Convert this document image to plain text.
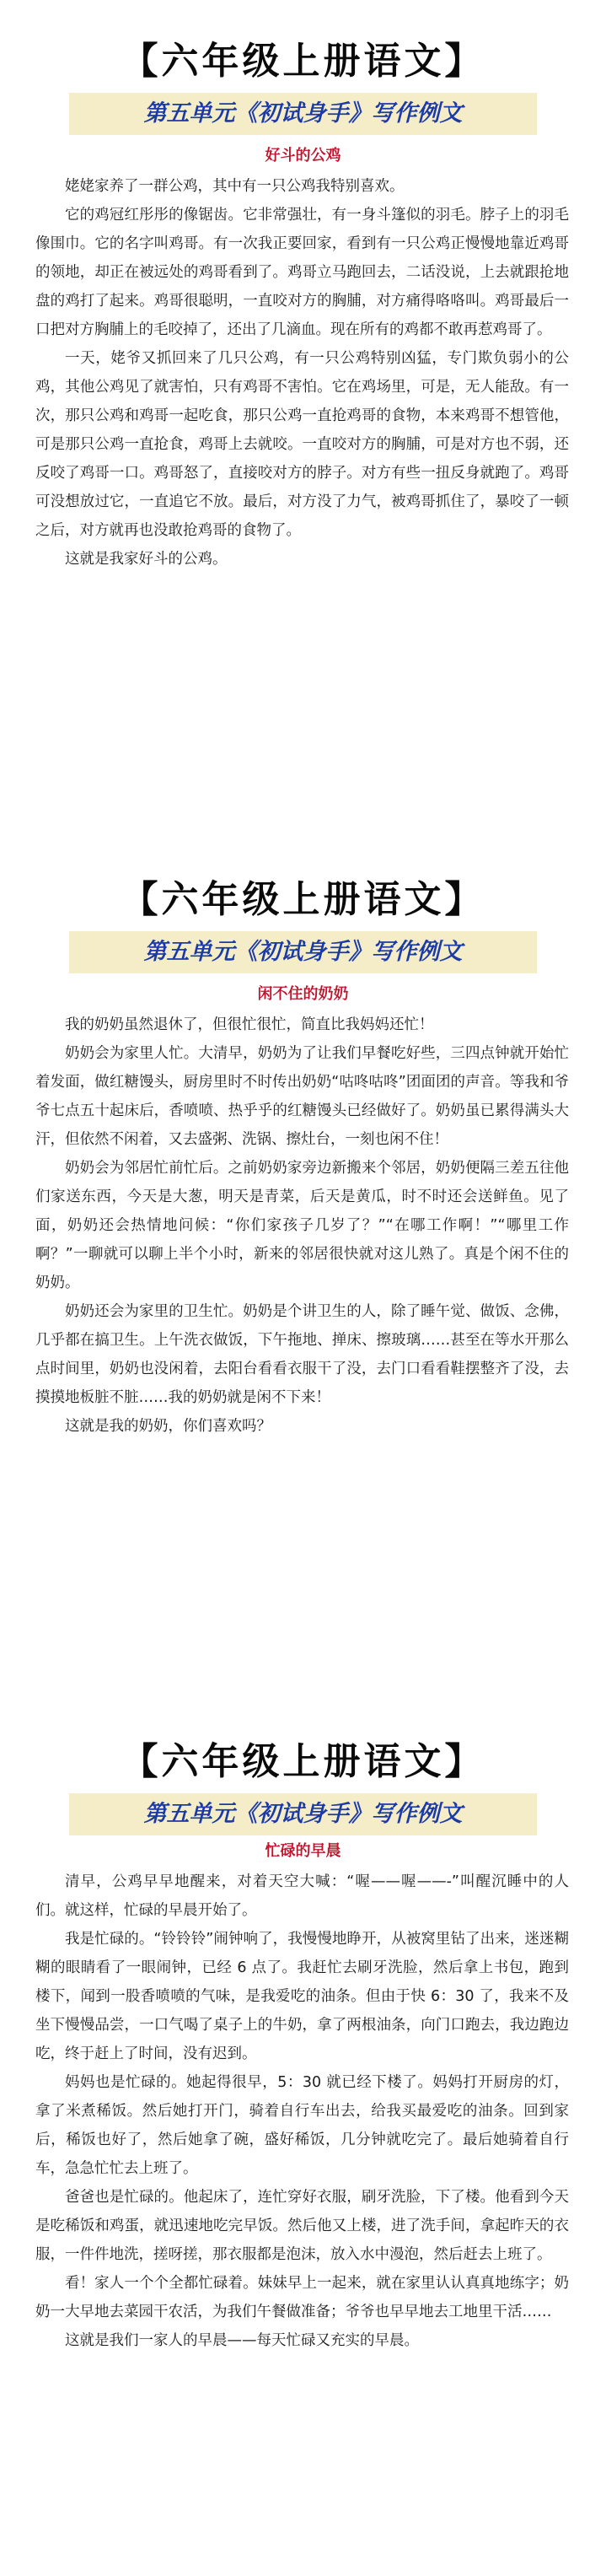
【六年级上册语文】
第五单元《初试身手》写作例文
好斗的公鸡

姥姥家养了一群公鸡，其中有一只公鸡我特别喜欢。

它的鸡冠红彤彤的像锯齿。它非常强壮，有一身斗篷似的羽毛。脖子上的羽毛像围巾。它的名字叫鸡哥。有一次我正要回家，看到有一只公鸡正慢慢地靠近鸡哥的领地，却正在被远处的鸡哥看到了。鸡哥立马跑回去，二话没说，上去就跟抢地盘的鸡打了起来。鸡哥很聪明，一直咬对方的胸脯，对方痛得咯咯叫。鸡哥最后一口把对方胸脯上的毛咬掉了，还出了几滴血。现在所有的鸡都不敢再惹鸡哥了。

一天，姥爷又抓回来了几只公鸡，有一只公鸡特别凶猛，专门欺负弱小的公鸡，其他公鸡见了就害怕，只有鸡哥不害怕。它在鸡场里，可是，无人能敌。有一次，那只公鸡和鸡哥一起吃食，那只公鸡一直抢鸡哥的食物，本来鸡哥不想管他，可是那只公鸡一直抢食，鸡哥上去就咬。一直咬对方的胸脯，可是对方也不弱，还反咬了鸡哥一口。鸡哥怒了，直接咬对方的脖子。对方有些一扭反身就跑了。鸡哥可没想放过它，一直追它不放。最后，对方没了力气，被鸡哥抓住了，暴咬了一顿之后，对方就再也没敢抢鸡哥的食物了。

这就是我家好斗的公鸡。

【六年级上册语文】
第五单元《初试身手》写作例文
闲不住的奶奶

我的奶奶虽然退休了，但很忙很忙，简直比我妈妈还忙！

奶奶会为家里人忙。大清早，奶奶为了让我们早餐吃好些，三四点钟就开始忙着发面，做红糖馒头，厨房里时不时传出奶奶“咕咚咕咚”团面团的声音。等我和爷爷七点五十起床后，香喷喷、热乎乎的红糖馒头已经做好了。奶奶虽已累得满头大汗，但依然不闲着，又去盛粥、洗锅、擦灶台，一刻也闲不住！

奶奶会为邻居忙前忙后。之前奶奶家旁边新搬来个邻居，奶奶便隔三差五往他们家送东西，今天是大葱，明天是青菜，后天是黄瓜，时不时还会送鲜鱼。见了面，奶奶还会热情地问候：“你们家孩子几岁了？”“在哪工作啊！”“哪里工作啊？”一聊就可以聊上半个小时，新来的邻居很快就对这儿熟了。真是个闲不住的奶奶。

奶奶还会为家里的卫生忙。奶奶是个讲卫生的人，除了睡午觉、做饭、念佛，几乎都在搞卫生。上午洗衣做饭，下午拖地、掸床、擦玻璃……甚至在等水开那么点时间里，奶奶也没闲着，去阳台看看衣服干了没，去门口看看鞋摆整齐了没，去摸摸地板脏不脏……我的奶奶就是闲不下来！

这就是我的奶奶，你们喜欢吗？

【六年级上册语文】
第五单元《初试身手》写作例文
忙碌的早晨

清早，公鸡早早地醒来，对着天空大喊：“喔——喔——-”叫醒沉睡中的人们。就这样，忙碌的早晨开始了。

我是忙碌的。“铃铃铃”闹钟响了，我慢慢地睁开，从被窝里钻了出来，迷迷糊糊的眼睛看了一眼闹钟，已经 6 点了。我赶忙去刷牙洗脸，然后拿上书包，跑到楼下，闻到一股香喷喷的气味，是我爱吃的油条。但由于快 6：30 了，我来不及坐下慢慢品尝，一口气喝了桌子上的牛奶，拿了两根油条，向门口跑去，我边跑边吃，终于赶上了时间，没有迟到。

妈妈也是忙碌的。她起得很早，5：30 就已经下楼了。妈妈打开厨房的灯，拿了米煮稀饭。然后她打开门，骑着自行车出去，给我买最爱吃的油条。回到家后，稀饭也好了，然后她拿了碗，盛好稀饭，几分钟就吃完了。最后她骑着自行车，急急忙忙去上班了。

爸爸也是忙碌的。他起床了，连忙穿好衣服，刷牙洗脸，下了楼。他看到今天是吃稀饭和鸡蛋，就迅速地吃完早饭。然后他又上楼，进了洗手间，拿起昨天的衣服，一件件地洗，搓呀搓，那衣服都是泡沫，放入水中漫泡，然后赶去上班了。

看！家人一个个全都忙碌着。妹妹早上一起来，就在家里认认真真地练字；奶奶一大早地去菜园干农活，为我们午餐做准备；爷爷也早早地去工地里干活……

这就是我们一家人的早晨——每天忙碌又充实的早晨。
